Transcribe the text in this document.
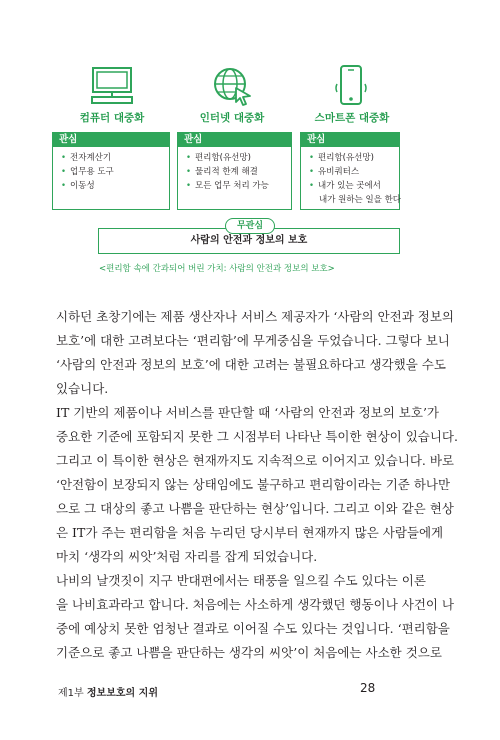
컴퓨터 대중화	인터넷 대중화	스마트폰 대중화
관심
• 전자계산기
• 업무용 도구
• 이동성
관심
• 편리함(유선망)
• 물리적 한계 해결
• 모든 업무 처리 가능
관심
• 편리함(유선망)
• 유비쿼터스
• 내가 있는 곳에서
내가 원하는 일을 한다
사람의 안전과 정보의 보호
무관심
<편리함 속에 간과되어 버린 가치: 사람의 안전과 정보의 보호>
시하던 초창기에는 제품 생산자나 서비스 제공자가 ‘사람의 안전과 정보의
보호’에 대한 고려보다는 ‘편리함’에 무게중심을 두었습니다. 그렇다 보니
‘사람의 안전과 정보의 보호’에 대한 고려는 불필요하다고 생각했을 수도
있습니다.
IT 기반의 제품이나 서비스를 판단할 때 ‘사람의 안전과 정보의 보호’가
중요한 기준에 포함되지 못한 그 시점부터 나타난 특이한 현상이 있습니다.
그리고 이 특이한 현상은 현재까지도 지속적으로 이어지고 있습니다. 바로
‘안전함이 보장되지 않는 상태임에도 불구하고 편리함이라는 기준 하나만
으로 그 대상의 좋고 나쁨을 판단하는 현상’입니다. 그리고 이와 같은 현상
은 IT가 주는 편리함을 처음 누리던 당시부터 현재까지 많은 사람들에게
마치 ‘생각의 씨앗’처럼 자리를 잡게 되었습니다.
나비의 날갯짓이 지구 반대편에서는 태풍을 일으킬 수도 있다는 이론
을 나비효과라고 합니다. 처음에는 사소하게 생각했던 행동이나 사건이 나
중에 예상치 못한 엄청난 결과로 이어질 수도 있다는 것입니다. ‘편리함을
기준으로 좋고 나쁨을 판단하는 생각의 씨앗’이 처음에는 사소한 것으로
제1부 정보보호의 지위	28
